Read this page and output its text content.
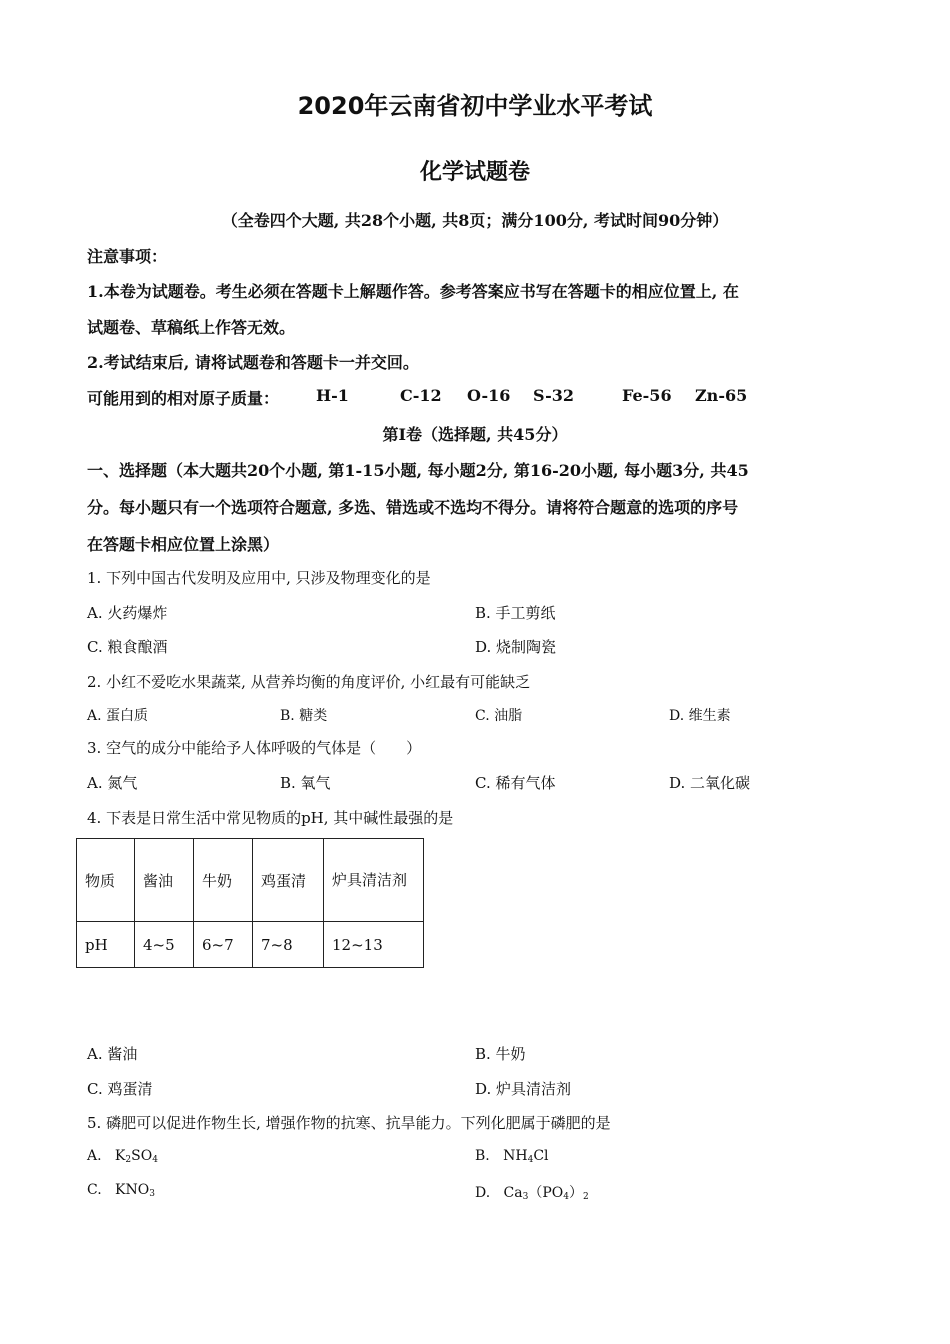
2020年云南省初中学业水平考试
化学试题卷
（全卷四个大题, 共28个小题, 共8页；满分100分, 考试时间90分钟）
注意事项：
1.本卷为试题卷。考生必须在答题卡上解题作答。参考答案应书写在答题卡的相应位置上, 在
试题卷、草稿纸上作答无效。
2.考试结束后, 请将试题卷和答题卡一并交回。
可能用到的相对原子质量： H-1	C-12 O-16 S-32	Fe-56 Zn-65
第Ⅰ卷（选择题, 共45分）
一、选择题（本大题共20个小题, 第1-15小题, 每小题2分, 第16-20小题, 每小题3分, 共45
分。每小题只有一个选项符合题意, 多选、错选或不选均不得分。请将符合题意的选项的序号
在答题卡相应位置上涂黑）
1. 下列中国古代发明及应用中, 只涉及物理变化的是
A. 火药爆炸	B. 手工剪纸
C. 粮食酿酒	D. 烧制陶瓷
2. 小红不爱吃水果蔬菜, 从营养均衡的角度评价, 小红最有可能缺乏
A. 蛋白质	B. 糖类	C. 油脂	D. 维生素
3. 空气的成分中能给予人体呼吸的气体是（　　）
A. 氮气	B. 氧气	C. 稀有气体	D. 二氧化碳
4. 下表是日常生活中常见物质的pH, 其中碱性最强的是
物质	酱油	牛奶	鸡蛋清	炉具清洁剂
pH	4~5	6~7	7~8	12~13
A. 酱油	B. 牛奶
C. 鸡蛋清	D. 炉具清洁剂
5. 磷肥可以促进作物生长, 增强作物的抗寒、抗旱能力。下列化肥属于磷肥的是
A. $K_2SO_4$	B. $NH_4Cl$
C. $KNO_3$	D. $Ca_3(PO_4)_2$
